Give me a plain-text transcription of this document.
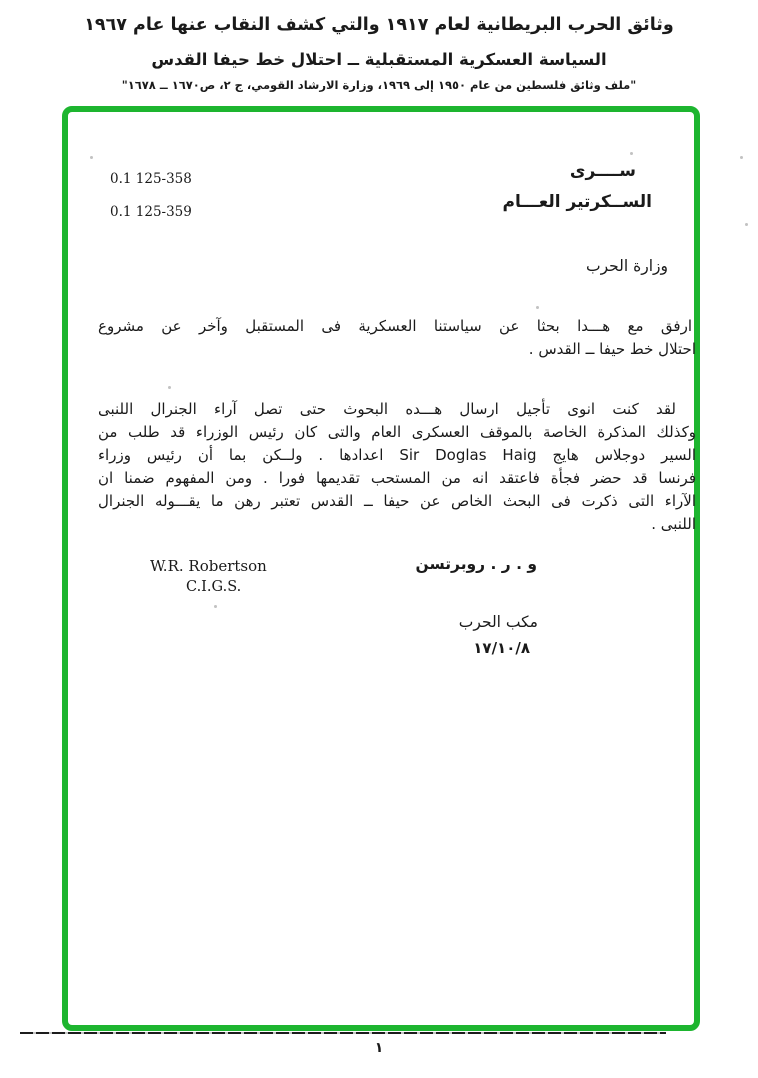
وثائق الحرب البريطانية لعام ١٩١٧ والتي كشف النقاب عنها عام ١٩٦٧
السياسة العسكرية المستقبلية ــ احتلال خط حيفا القدس
"ملف وثائق فلسطين من عام ١٩٥٠ إلى ١٩٦٩، وزارة الارشاد القومي، ج ٢، ص١٦٧٠ ــ ١٦٧٨"
ســــرى
0.1 125-358
الســكرتير العـــام
0.1 125-359
وزارة الحرب
ارفق مع هـــدا بحثا عن سياستنا العسكرية فى المستقبل وآخر عن مشروع
احتلال خط حيفا ــ القدس .
لقد كنت انوى تأجيل ارسال هـــده البحوث حتى تصل آراء الجنرال اللنبى
وكذلك المذكرة الخاصة بالموقف العسكرى العام والتى كان رئيس الوزراء قد طلب من
السير دوجلاس هايج Sir Doglas Haig اعدادها . ولــكن بما أن رئيس وزراء
فرنسا قد حضر فجأة فاعتقد انه من المستحب تقديمها فورا . ومن المفهوم ضمنا ان
الآراء التى ذكرت فى البحث الخاص عن حيفا ــ القدس تعتبر رهن ما يقـــوله الجنرال
اللنبى .
و . ر . روبرتسن
W.R. Robertson
C.I.G.S.
مكب الحرب
١٧/١٠/٨
١
